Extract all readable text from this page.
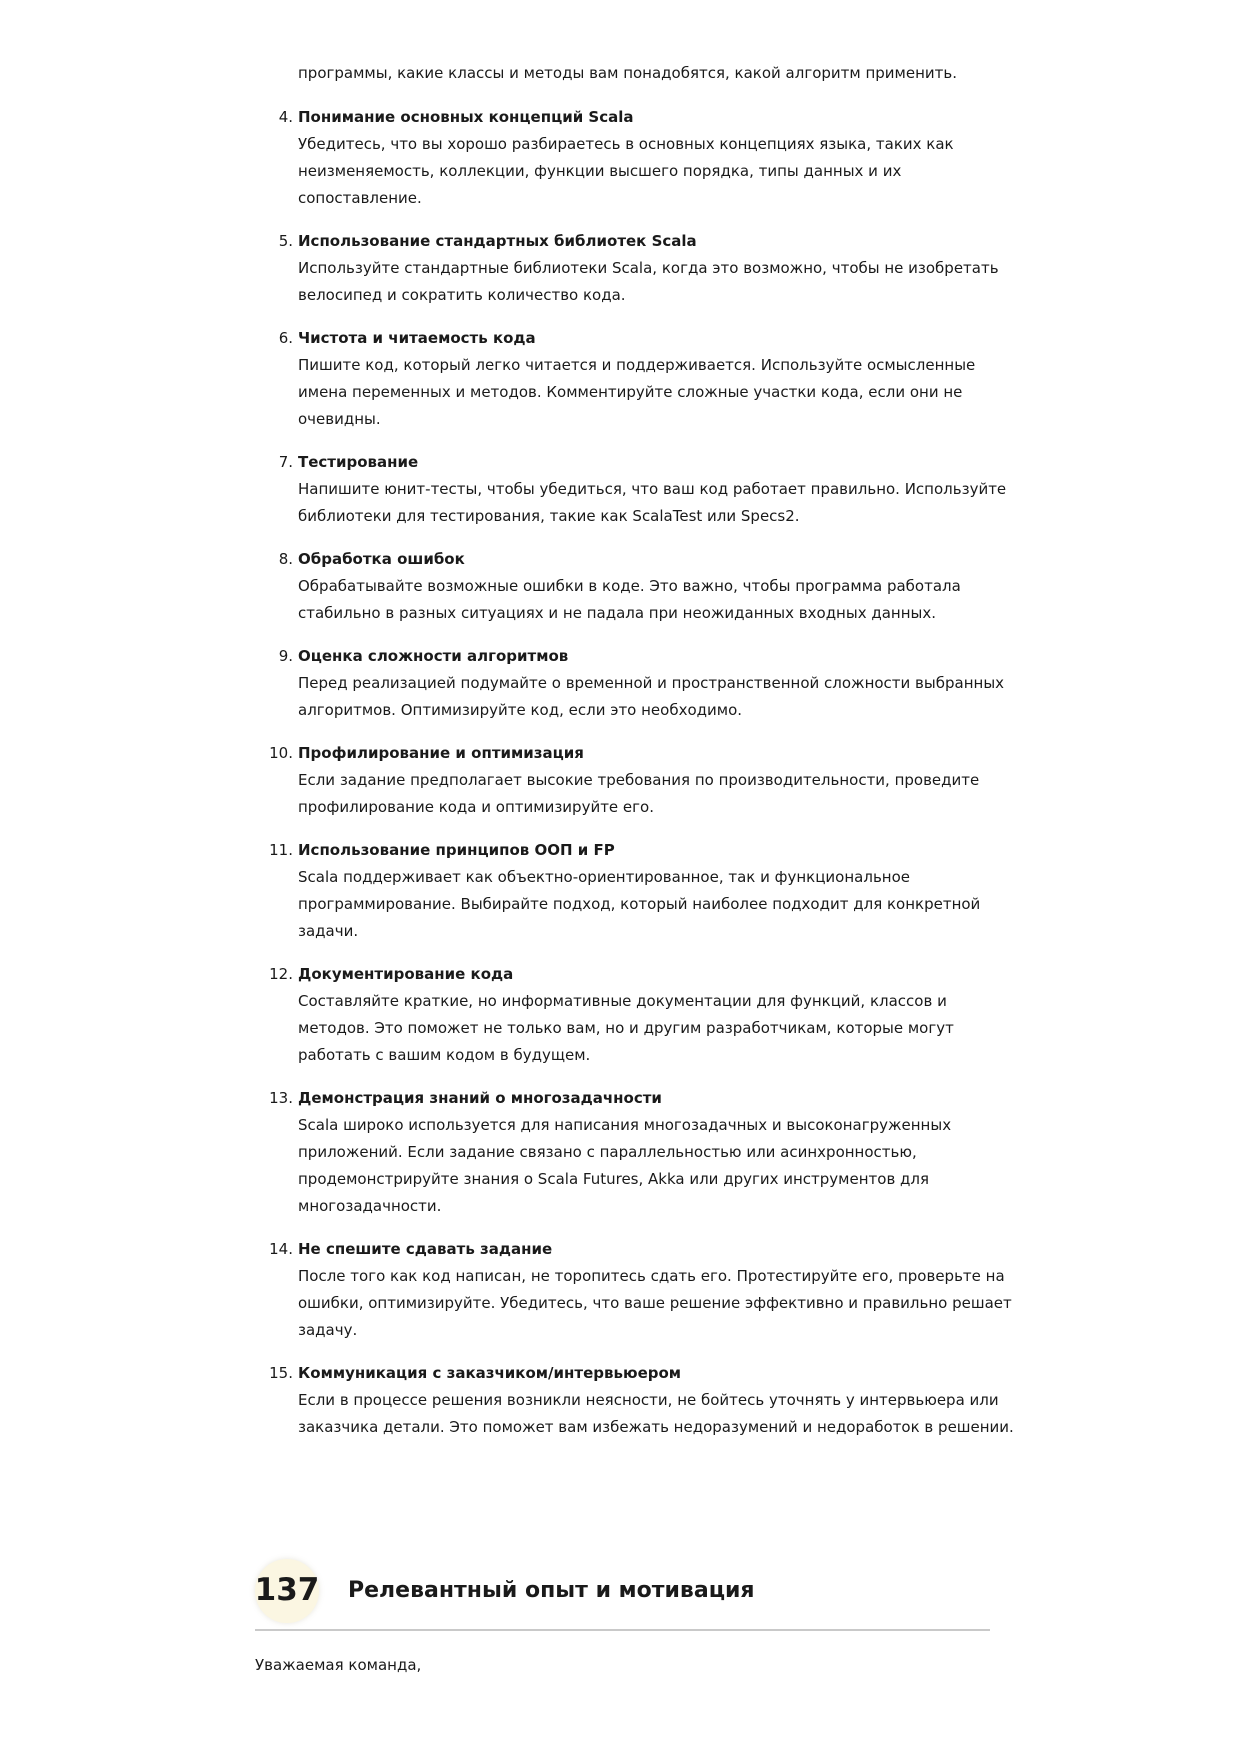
программы, какие классы и методы вам понадобятся, какой алгоритм применить.
4. Понимание основных концепций Scala
Убедитесь, что вы хорошо разбираетесь в основных концепциях языка, таких как
неизменяемость, коллекции, функции высшего порядка, типы данных и их
сопоставление.
5. Использование стандартных библиотек Scala
Используйте стандартные библиотеки Scala, когда это возможно, чтобы не изобретать
велосипед и сократить количество кода.
6. Чистота и читаемость кода
Пишите код, который легко читается и поддерживается. Используйте осмысленные
имена переменных и методов. Комментируйте сложные участки кода, если они не
очевидны.
7. Тестирование
Напишите юнит-тесты, чтобы убедиться, что ваш код работает правильно. Используйте
библиотеки для тестирования, такие как ScalaTest или Specs2.
8. Обработка ошибок
Обрабатывайте возможные ошибки в коде. Это важно, чтобы программа работала
стабильно в разных ситуациях и не падала при неожиданных входных данных.
9. Оценка сложности алгоритмов
Перед реализацией подумайте о временной и пространственной сложности выбранных
алгоритмов. Оптимизируйте код, если это необходимо.
10. Профилирование и оптимизация
Если задание предполагает высокие требования по производительности, проведите
профилирование кода и оптимизируйте его.
11. Использование принципов ООП и FP
Scala поддерживает как объектно-ориентированное, так и функциональное
программирование. Выбирайте подход, который наиболее подходит для конкретной
задачи.
12. Документирование кода
Составляйте краткие, но информативные документации для функций, классов и
методов. Это поможет не только вам, но и другим разработчикам, которые могут
работать с вашим кодом в будущем.
13. Демонстрация знаний о многозадачности
Scala широко используется для написания многозадачных и высоконагруженных
приложений. Если задание связано с параллельностью или асинхронностью,
продемонстрируйте знания о Scala Futures, Akka или других инструментов для
многозадачности.
14. Не спешите сдавать задание
После того как код написан, не торопитесь сдать его. Протестируйте его, проверьте на
ошибки, оптимизируйте. Убедитесь, что ваше решение эффективно и правильно решает
задачу.
15. Коммуникация с заказчиком/интервьюером
Если в процессе решения возникли неясности, не бойтесь уточнять у интервьюера или
заказчика детали. Это поможет вам избежать недоразумений и недоработок в решении.
137 Релевантный опыт и мотивация
Уважаемая команда,
